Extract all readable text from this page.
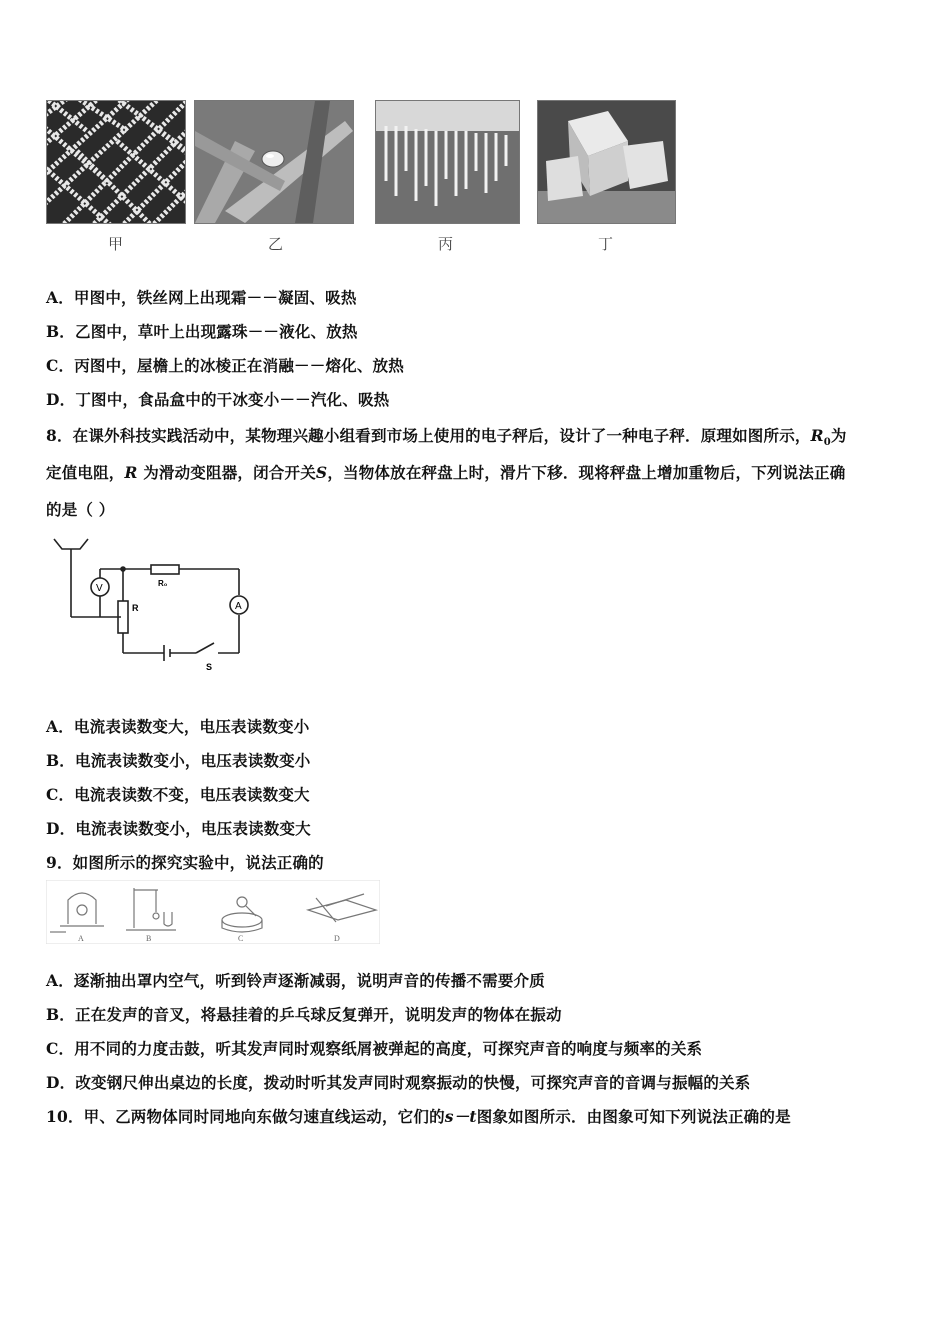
甲	乙	丙	丁
A．甲图中，铁丝网上出现霜－－凝固、吸热
B．乙图中，草叶上出现露珠－－液化、放热
C．丙图中，屋檐上的冰棱正在消融－－熔化、放热
D．丁图中，食品盒中的干冰变小－－汽化、吸热
8．在课外科技实践活动中，某物理兴趣小组看到市场上使用的电子秤后，设计了一种电子秤．原理如图所示，$R_0$为
定值电阻，R 为滑动变阻器，闭合开关S，当物体放在秤盘上时，滑片下移．现将秤盘上增加重物后，下列说法正确
的是（ ）
V
A
R
R₀
S
A．电流表读数变大，电压表读数变小
B．电流表读数变小，电压表读数变小
C．电流表读数不变，电压表读数变大
D．电流表读数变小，电压表读数变大
9．如图所示的探究实验中，说法正确的
A	B	C	D
A．逐渐抽出罩内空气，听到铃声逐渐减弱，说明声音的传播不需要介质
B．正在发声的音叉，将悬挂着的乒乓球反复弹开，说明发声的物体在振动
C．用不同的力度击鼓，听其发声同时观察纸屑被弹起的高度，可探究声音的响度与频率的关系
D．改变钢尺伸出桌边的长度，拨动时听其发声同时观察振动的快慢，可探究声音的音调与振幅的关系
10．甲、乙两物体同时同地向东做匀速直线运动，它们的s－t图象如图所示．由图象可知下列说法正确的是
